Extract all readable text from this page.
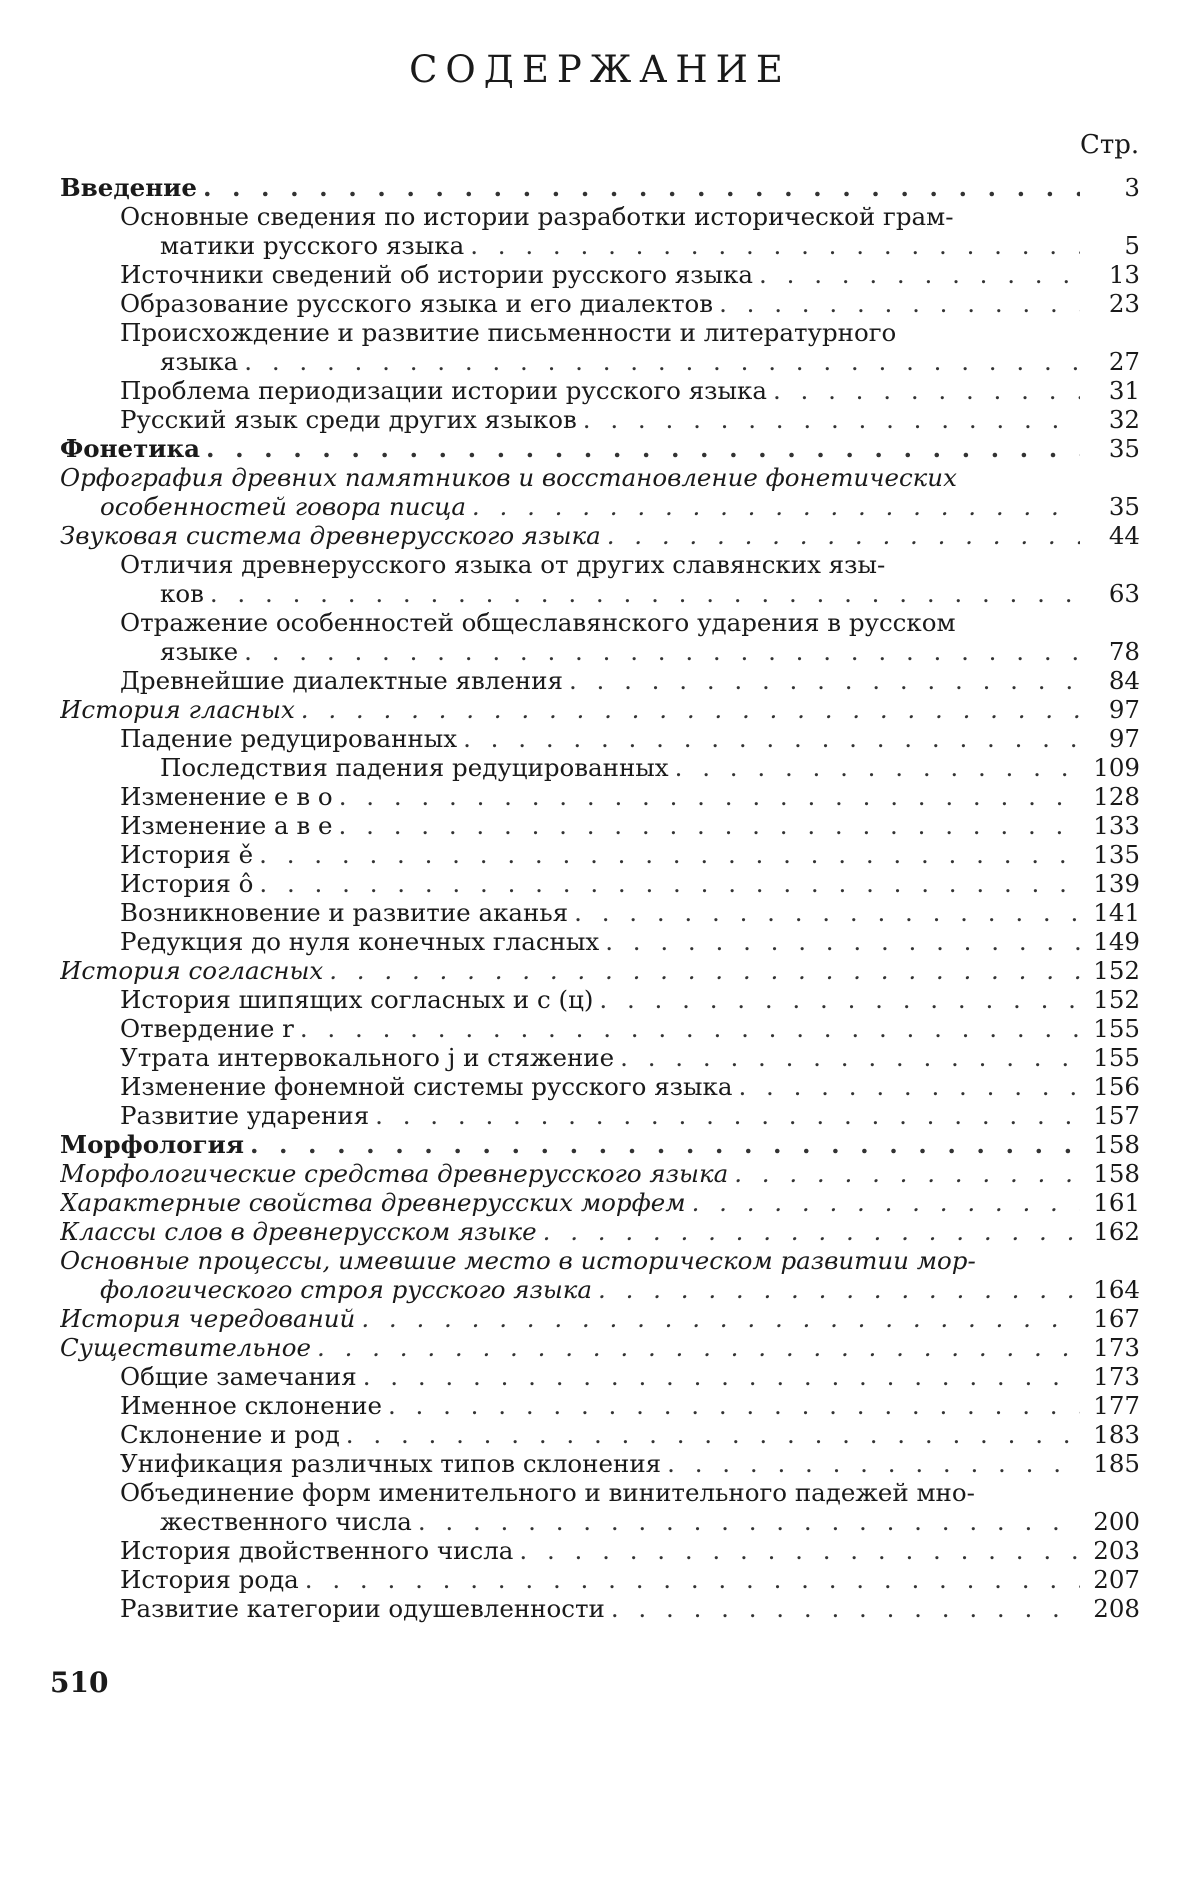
СОДЕРЖАНИЕ
Стр.
Введение . . .	3
Основные сведения по истории разработки исторической грам-
матики русского языка . . .	5
Источники сведений об истории русского языка . . .	13
Образование русского языка и его диалектов . . .	23
Происхождение и развитие письменности и литературного
языка . . .	27
Проблема периодизации истории русского языка . . .	31
Русский язык среди других языков . . .	32
Фонетика . . .	35
Орфография древних памятников и восстановление фонетических
особенностей говора писца . . .	35
Звуковая система древнерусского языка . . .	44
Отличия древнерусского языка от других славянских язы-
ков . . .	63
Отражение особенностей общеславянского ударения в русском
языке . . .	78
Древнейшие диалектные явления . . .	84
История гласных . . .	97
Падение редуцированных . . .	97
Последствия падения редуцированных . . .	109
Изменение е в о . . .	128
Изменение а в е . . .	133
История ě . . .	135
История ô . . .	139
Возникновение и развитие аканья . . .	141
Редукция до нуля конечных гласных . . .	149
История согласных . . .	152
История шипящих согласных и с (ц) . . .	152
Отвердение r . . .	155
Утрата интервокального j и стяжение . . .	155
Изменение фонемной системы русского языка . . .	156
Развитие ударения . . .	157
Морфология . . .	158
Морфологические средства древнерусского языка . . .	158
Характерные свойства древнерусских морфем . . .	161
Классы слов в древнерусском языке . . .	162
Основные процессы, имевшие место в историческом развитии мор-
фологического строя русского языка . . .	164
История чередований . . .	167
Существительное . . .	173
Общие замечания . . .	173
Именное склонение . . .	177
Склонение и род . . .	183
Унификация различных типов склонения . . .	185
Объединение форм именительного и винительного падежей мно-
жественного числа . . .	200
История двойственного числа . . .	203
История рода . . .	207
Развитие категории одушевленности . . .	208
510
